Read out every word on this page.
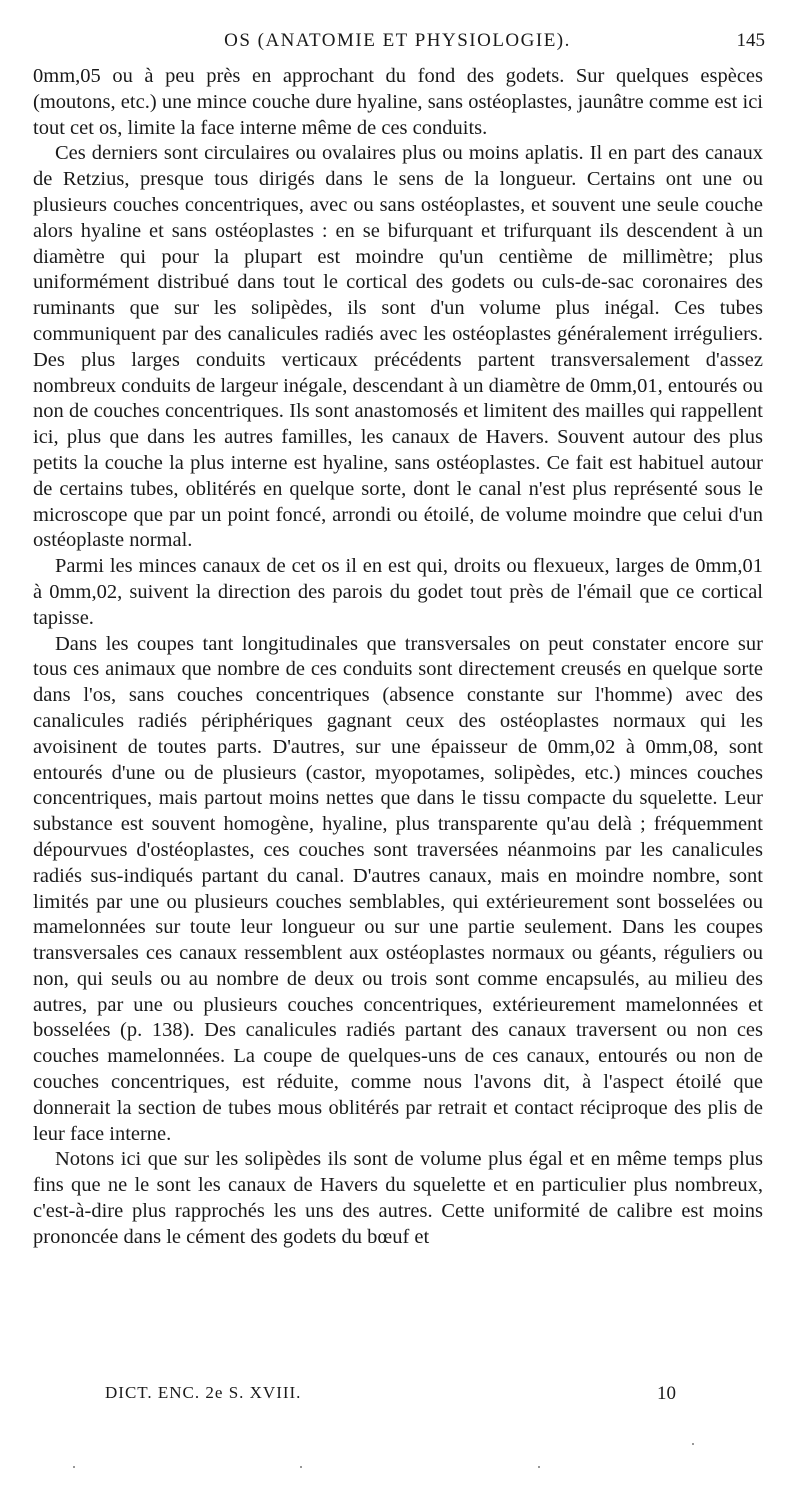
OS (ANATOMIE ET PHYSIOLOGIE).	145

0mm,05 ou à peu près en approchant du fond des godets. Sur quelques espèces (moutons, etc.) une mince couche dure hyaline, sans ostéoplastes, jaunâtre comme est ici tout cet os, limite la face interne même de ces conduits.

Ces derniers sont circulaires ou ovalaires plus ou moins aplatis. Il en part des canaux de Retzius, presque tous dirigés dans le sens de la longueur. Certains ont une ou plusieurs couches concentriques, avec ou sans ostéoplastes, et souvent une seule couche alors hyaline et sans ostéoplastes : en se bifurquant et trifurquant ils descendent à un diamètre qui pour la plupart est moindre qu'un centième de millimètre; plus uniformément distribué dans tout le cortical des godets ou culs-de-sac coronaires des ruminants que sur les solipèdes, ils sont d'un volume plus inégal. Ces tubes communiquent par des canalicules radiés avec les ostéoplastes généralement irréguliers. Des plus larges conduits verticaux précédents partent transversalement d'assez nombreux conduits de largeur inégale, descendant à un diamètre de 0mm,01, entourés ou non de couches concentriques. Ils sont anastomosés et limitent des mailles qui rappellent ici, plus que dans les autres familles, les canaux de Havers. Souvent autour des plus petits la couche la plus interne est hyaline, sans ostéoplastes. Ce fait est habituel autour de certains tubes, oblitérés en quelque sorte, dont le canal n'est plus représenté sous le microscope que par un point foncé, arrondi ou étoilé, de volume moindre que celui d'un ostéoplaste normal.

Parmi les minces canaux de cet os il en est qui, droits ou flexueux, larges de 0mm,01 à 0mm,02, suivent la direction des parois du godet tout près de l'émail que ce cortical tapisse.

Dans les coupes tant longitudinales que transversales on peut constater encore sur tous ces animaux que nombre de ces conduits sont directement creusés en quelque sorte dans l'os, sans couches concentriques (absence constante sur l'homme) avec des canalicules radiés périphériques gagnant ceux des ostéoplastes normaux qui les avoisinent de toutes parts. D'autres, sur une épaisseur de 0mm,02 à 0mm,08, sont entourés d'une ou de plusieurs (castor, myopotames, solipèdes, etc.) minces couches concentriques, mais partout moins nettes que dans le tissu compacte du squelette. Leur substance est souvent homogène, hyaline, plus transparente qu'au delà ; fréquemment dépourvues d'ostéoplastes, ces couches sont traversées néanmoins par les canalicules radiés sus-indiqués partant du canal. D'autres canaux, mais en moindre nombre, sont limités par une ou plusieurs couches semblables, qui extérieurement sont bosselées ou mamelonnées sur toute leur longueur ou sur une partie seulement. Dans les coupes transversales ces canaux ressemblent aux ostéoplastes normaux ou géants, réguliers ou non, qui seuls ou au nombre de deux ou trois sont comme encapsulés, au milieu des autres, par une ou plusieurs couches concentriques, extérieurement mamelonnées et bosselées (p. 138). Des canalicules radiés partant des canaux traversent ou non ces couches mamelonnées. La coupe de quelques-uns de ces canaux, entourés ou non de couches concentriques, est réduite, comme nous l'avons dit, à l'aspect étoilé que donnerait la section de tubes mous oblitérés par retrait et contact réciproque des plis de leur face interne.

Notons ici que sur les solipèdes ils sont de volume plus égal et en même temps plus fins que ne le sont les canaux de Havers du squelette et en particulier plus nombreux, c'est-à-dire plus rapprochés les uns des autres. Cette uniformité de calibre est moins prononcée dans le cément des godets du bœuf et

DICT. ENC. 2e S. XVIII.	10
